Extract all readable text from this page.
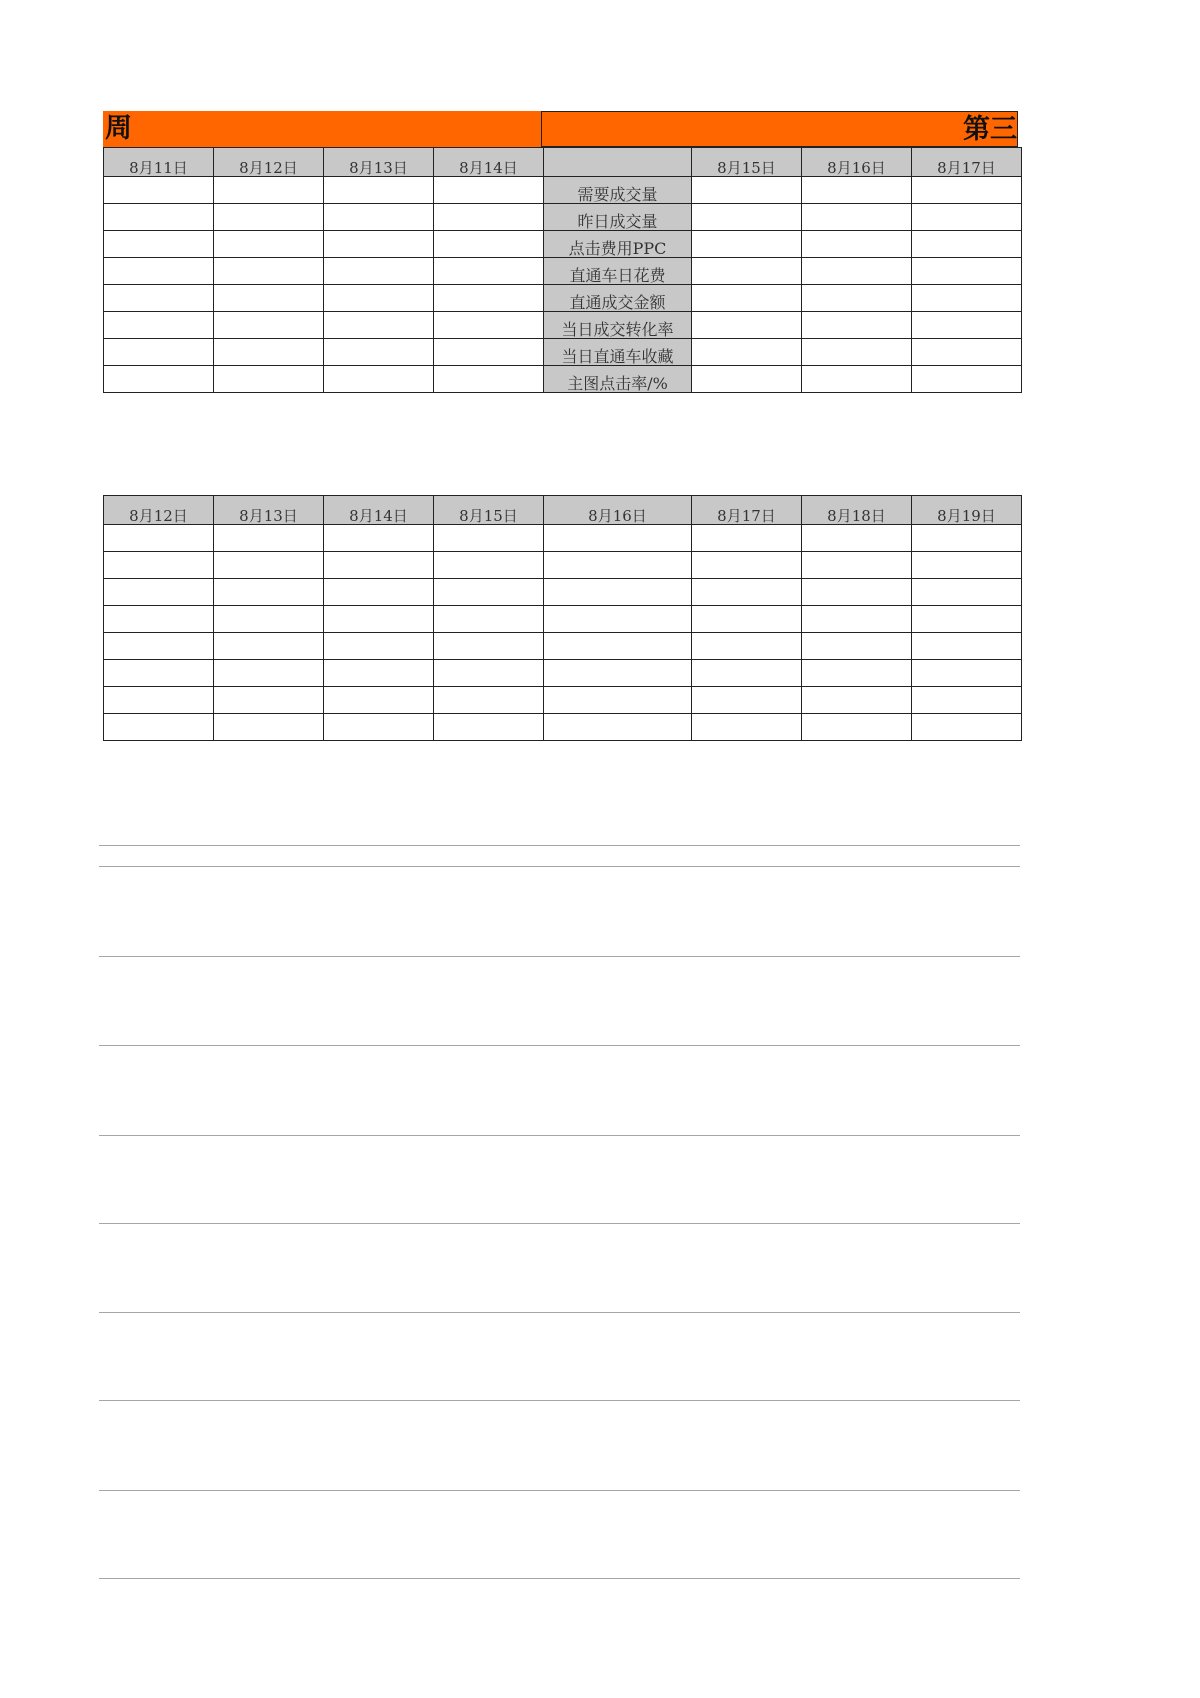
周	第三
8月11日	8月12日	8月13日	8月14日		8月15日	8月16日	8月17日
				需要成交量			
				昨日成交量			
				点击费用PPC			
				直通车日花费			
				直通成交金额			
				当日成交转化率			
				当日直通车收藏			
				主图点击率/%			
8月12日	8月13日	8月14日	8月15日	8月16日	8月17日	8月18日	8月19日
